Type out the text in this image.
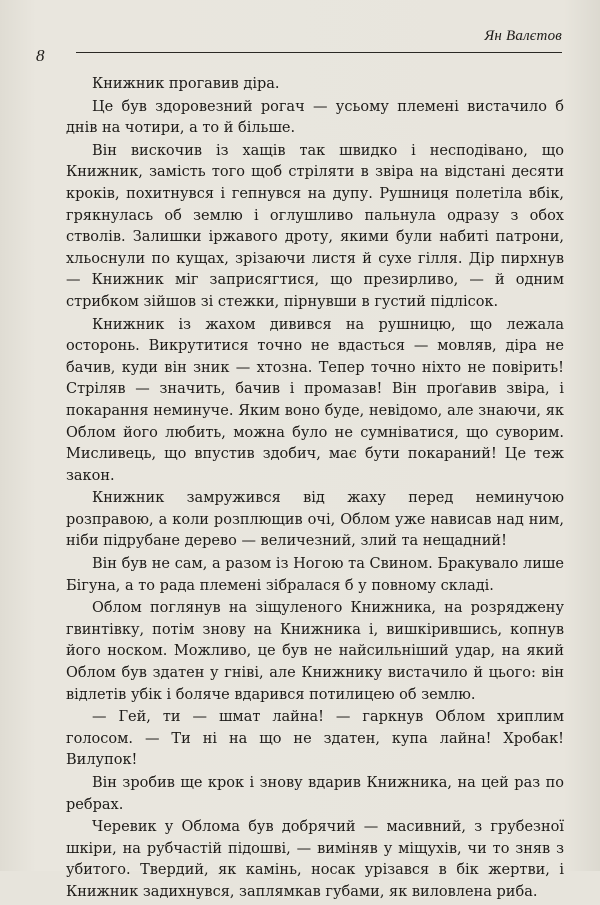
8
Ян Валєтов

Книжник прогавив діра.

Це був здоровезний рогач — усьому племені вистачило б днів на чотири, а то й більше.

Він вискочив із хащів так швидко і несподівано, що Книжник, замість того щоб стріляти в звіра на відстані десяти кроків, похитнувся і гепнувся на дупу. Рушниця полетіла вбік, грякнулась об землю і оглушливо пальнула одразу з обох стволів. Залишки іржавого дроту, якими були набиті патрони, хльоснули по кущах, зрізаючи листя й сухе гілля. Дір пирхнув — Книжник міг заприсягтися, що презирливо, — й одним стрибком зійшов зі стежки, пірнувши в густий підлісок.

Книжник із жахом дивився на рушницю, що лежала осторонь. Викрутитися точно не вдасться — мовляв, діра не бачив, куди він зник — хтозна. Тепер точно ніхто не повірить! Стріляв — значить, бачив і промазав! Він проґавив звіра, і покарання неминуче. Яким воно буде, невідомо, але знаючи, як Облом його любить, можна було не сумніватися, що суворим. Мисливець, що впустив здобич, має бути покараний! Це теж закон.

Книжник замружився від жаху перед неминучою розправою, а коли розплющив очі, Облом уже нависав над ним, ніби підрубане дерево — величезний, злий та нещадний!

Він був не сам, а разом із Ногою та Свином. Бракувало лише Бігуна, а то рада племені зібралася б у повному складі.

Облом поглянув на зіщуленого Книжника, на розряджену гвинтівку, потім знову на Книжника і, вишкірившись, копнув його носком. Можливо, це був не найсильніший удар, на який Облом був здатен у гніві, але Книжнику вистачило й цього: він відлетів убік і боляче вдарився потилицею об землю.

— Гей, ти — шмат лайна! — гаркнув Облом хриплим голосом. — Ти ні на що не здатен, купа лайна! Хробак! Вилупок!

Він зробив ще крок і знову вдарив Книжника, на цей раз по ребрах.

Черевик у Облома був добрячий — масивний, з грубезної шкіри, на рубчастій підошві, — виміняв у міщухів, чи то зняв з убитого. Твердий, як камінь, носак урізався в бік жертви, і Книжник задихнувся, заплямкав губами, як виловлена риба.
